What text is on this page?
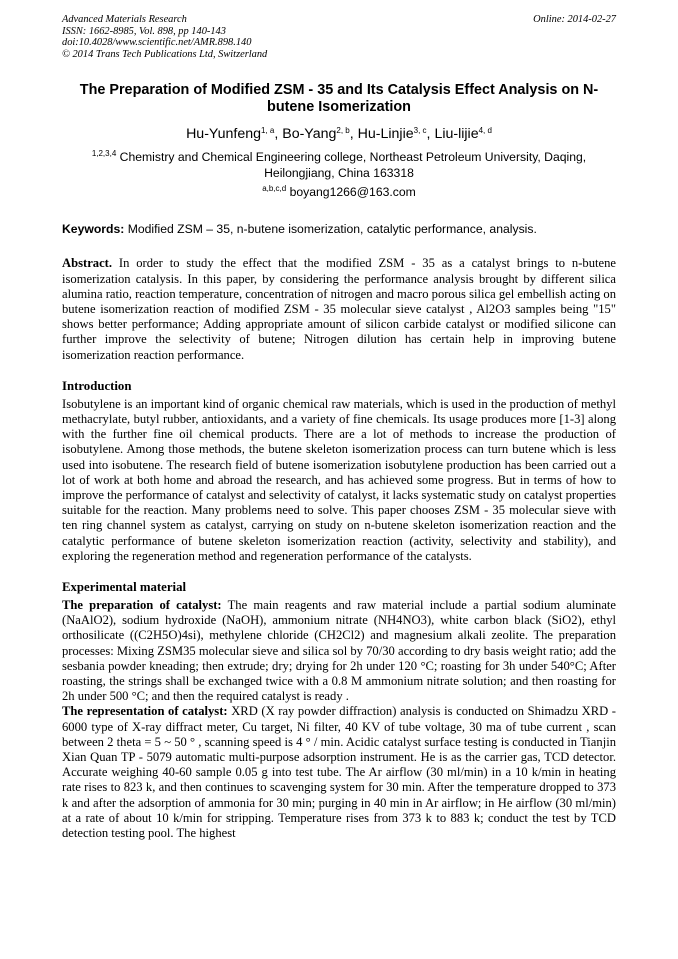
Advanced Materials Research
ISSN: 1662-8985, Vol. 898, pp 140-143
doi:10.4028/www.scientific.net/AMR.898.140
© 2014 Trans Tech Publications Ltd, Switzerland
Online: 2014-02-27
The Preparation of Modified ZSM - 35 and Its Catalysis Effect Analysis on N-butene Isomerization
Hu-Yunfeng$^{1, a}$, Bo-Yang$^{2, b}$, Hu-Linjie$^{3, c}$, Liu-lijie$^{4, d}$
$^{1,2,3,4}$ Chemistry and Chemical Engineering college, Northeast Petroleum University, Daqing, Heilongjiang, China 163318
$^{a,b,c,d}$ boyang1266@163.com
Keywords: Modified ZSM – 35, n-butene isomerization, catalytic performance, analysis.

Abstract. In order to study the effect that the modified ZSM - 35 as a catalyst brings to n-butene isomerization catalysis. In this paper, by considering the performance analysis brought by different silica alumina ratio, reaction temperature, concentration of nitrogen and macro porous silica gel embellish acting on butene isomerization reaction of modified ZSM - 35 molecular sieve catalyst , Al2O3 samples being "15" shows better performance; Adding appropriate amount of silicon carbide catalyst or modified silicone can further improve the selectivity of butene; Nitrogen dilution has certain help in improving butene isomerization reaction performance.

Introduction

Isobutylene is an important kind of organic chemical raw materials, which is used in the production of methyl methacrylate, butyl rubber, antioxidants, and a variety of fine chemicals. Its usage produces more [1-3] along with the further fine oil chemical products. There are a lot of methods to increase the production of isobutylene. Among those methods, the butene skeleton isomerization process can turn butene which is less used into isobutene. The research field of butene isomerization isobutylene production has been carried out a lot of work at both home and abroad the research, and has achieved some progress. But in terms of how to improve the performance of catalyst and selectivity of catalyst, it lacks systematic study on catalyst properties suitable for the reaction. Many problems need to solve. This paper chooses ZSM - 35 molecular sieve with ten ring channel system as catalyst, carrying on study on n-butene skeleton isomerization reaction and the catalytic performance of butene skeleton isomerization reaction (activity, selectivity and stability), and exploring the regeneration method and regeneration performance of the catalysts.

Experimental material

The preparation of catalyst: The main reagents and raw material include a partial sodium aluminate (NaAlO2), sodium hydroxide (NaOH), ammonium nitrate (NH4NO3), white carbon black (SiO2), ethyl orthosilicate ((C2H5O)4si), methylene chloride (CH2Cl2) and magnesium alkali zeolite. The preparation processes: Mixing ZSM35 molecular sieve and silica sol by 70/30 according to dry basis weight ratio; add the sesbania powder kneading; then extrude; dry; drying for 2h under 120 °C; roasting for 3h under 540°C; After roasting, the strings shall be exchanged twice with a 0.8 M ammonium nitrate solution; and then roasting for 2h under 500 °C; and then the required catalyst is ready .

The representation of catalyst: XRD (X ray powder diffraction) analysis is conducted on Shimadzu XRD - 6000 type of X-ray diffract meter, Cu target, Ni filter, 40 KV of tube voltage, 30 ma of tube current , scan between 2 theta = 5 ~ 50 ° , scanning speed is 4 ° / min. Acidic catalyst surface testing is conducted in Tianjin Xian Quan TP - 5079 automatic multi-purpose adsorption instrument. He is as the carrier gas, TCD detector. Accurate weighing 40-60 sample 0.05 g into test tube. The Ar airflow (30 ml/min) in a 10 k/min in heating rate rises to 823 k, and then continues to scavenging system for 30 min. After the temperature dropped to 373 k and after the adsorption of ammonia for 30 min; purging in 40 min in Ar airflow; in He airflow (30 ml/min) at a rate of about 10 k/min for stripping. Temperature rises from 373 k to 883 k; conduct the test by TCD detection testing pool. The highest
